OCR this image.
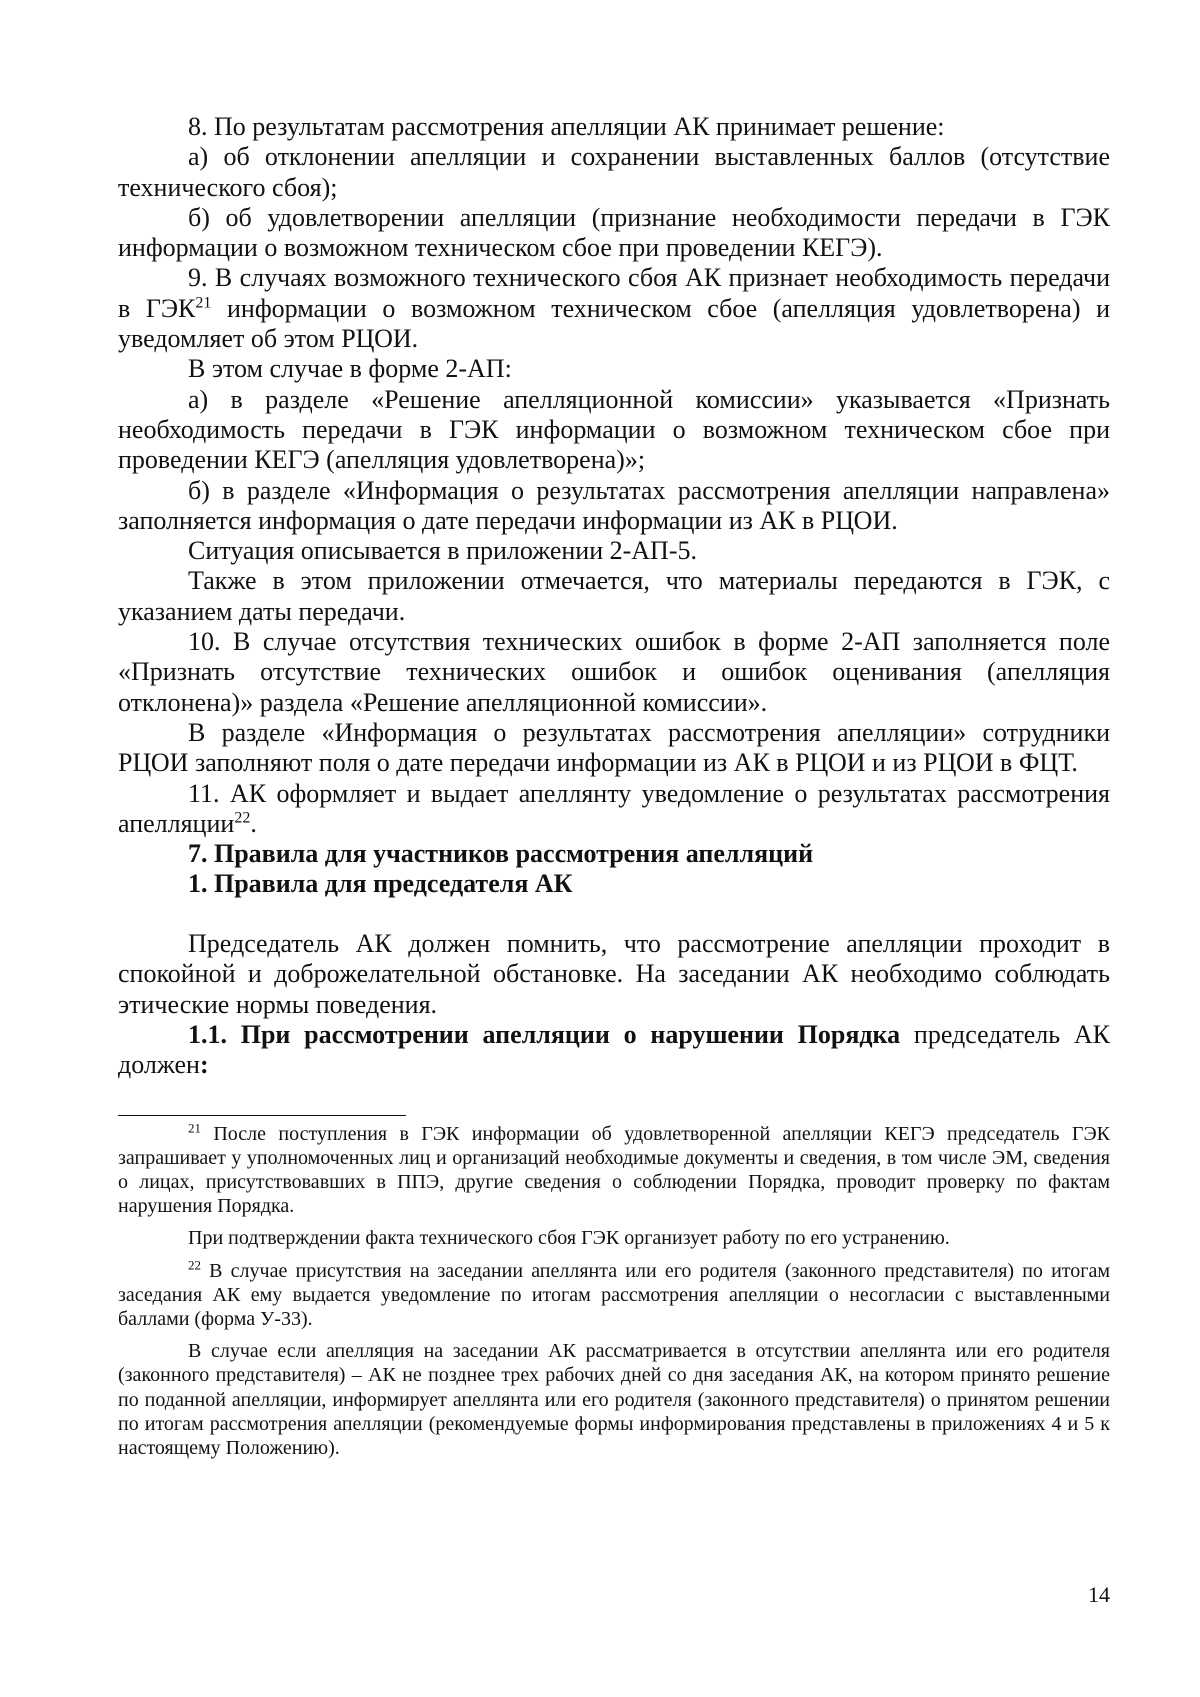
8. По результатам рассмотрения апелляции АК принимает решение:

а) об отклонении апелляции и сохранении выставленных баллов (отсутствие технического сбоя);

б) об удовлетворении апелляции (признание необходимости передачи в ГЭК информации о возможном техническом сбое при проведении КЕГЭ).

9. В случаях возможного технического сбоя АК признает необходимость передачи в ГЭК$^{21}$ информации о возможном техническом сбое (апелляция удовлетворена) и уведомляет об этом РЦОИ.

В этом случае в форме 2-АП:

а) в разделе «Решение апелляционной комиссии» указывается «Признать необходимость передачи в ГЭК информации о возможном техническом сбое при проведении КЕГЭ (апелляция удовлетворена)»;

б) в разделе «Информация о результатах рассмотрения апелляции направлена» заполняется информация о дате передачи информации из АК в РЦОИ.

Ситуация описывается в приложении 2-АП-5.

Также в этом приложении отмечается, что материалы передаются в ГЭК, с указанием даты передачи.

10. В случае отсутствия технических ошибок в форме 2-АП заполняется поле «Признать отсутствие технических ошибок и ошибок оценивания (апелляция отклонена)» раздела «Решение апелляционной комиссии».

В разделе «Информация о результатах рассмотрения апелляции» сотрудники РЦОИ заполняют поля о дате передачи информации из АК в РЦОИ и из РЦОИ в ФЦТ.

11. АК оформляет и выдает апеллянту уведомление о результатах рассмотрения апелляции$^{22}$.

7. Правила для участников рассмотрения апелляций

1. Правила для председателя АК

Председатель АК должен помнить, что рассмотрение апелляции проходит в спокойной и доброжелательной обстановке. На заседании АК необходимо соблюдать этические нормы поведения.

1.1. При рассмотрении апелляции о нарушении Порядка председатель АК должен:

$^{21}$ После поступления в ГЭК информации об удовлетворенной апелляции КЕГЭ председатель ГЭК запрашивает у уполномоченных лиц и организаций необходимые документы и сведения, в том числе ЭМ, сведения о лицах, присутствовавших в ППЭ, другие сведения о соблюдении Порядка, проводит проверку по фактам нарушения Порядка.

При подтверждении факта технического сбоя ГЭК организует работу по его устранению.

$^{22}$ В случае присутствия на заседании апеллянта или его родителя (законного представителя) по итогам заседания АК ему выдается уведомление по итогам рассмотрения апелляции о несогласии с выставленными баллами (форма У-33).

В случае если апелляция на заседании АК рассматривается в отсутствии апеллянта или его родителя (законного представителя) – АК не позднее трех рабочих дней со дня заседания АК, на котором принято решение по поданной апелляции, информирует апеллянта или его родителя (законного представителя) о принятом решении по итогам рассмотрения апелляции (рекомендуемые формы информирования представлены в приложениях 4 и 5 к настоящему Положению).

14
